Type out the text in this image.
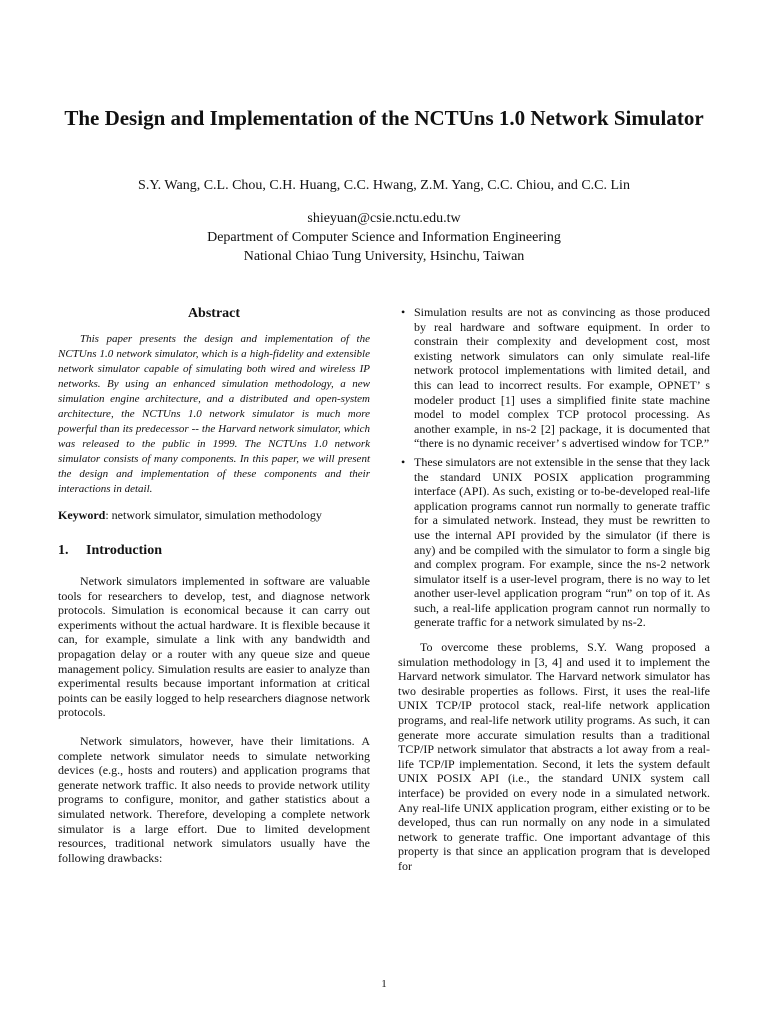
The Design and Implementation of the NCTUns 1.0 Network Simulator
S.Y. Wang, C.L. Chou, C.H. Huang, C.C. Hwang, Z.M. Yang, C.C. Chiou, and C.C. Lin
shieyuan@csie.nctu.edu.tw
Department of Computer Science and Information Engineering
National Chiao Tung University, Hsinchu, Taiwan
Abstract

This paper presents the design and implementation of the NCTUns 1.0 network simulator, which is a high-fidelity and extensible network simulator capable of simulating both wired and wireless IP networks. By using an enhanced simulation methodology, a new simulation engine architecture, and a distributed and open-system architecture, the NCTUns 1.0 network simulator is much more powerful than its predecessor -- the Harvard network simulator, which was released to the public in 1999. The NCTUns 1.0 network simulator consists of many components. In this paper, we will present the design and implementation of these components and their interactions in detail.

Keyword: network simulator, simulation methodology

1.	Introduction

Network simulators implemented in software are valuable tools for researchers to develop, test, and diagnose network protocols. Simulation is economical because it can carry out experiments without the actual hardware. It is flexible because it can, for example, simulate a link with any bandwidth and propagation delay or a router with any queue size and queue management policy. Simulation results are easier to analyze than experimental results because important information at critical points can be easily logged to help researchers diagnose network protocols.

Network simulators, however, have their limitations. A complete network simulator needs to simulate networking devices (e.g., hosts and routers) and application programs that generate network traffic. It also needs to provide network utility programs to configure, monitor, and gather statistics about a simulated network. Therefore, developing a complete network simulator is a large effort. Due to limited development resources, traditional network simulators usually have the following drawbacks:

• Simulation results are not as convincing as those produced by real hardware and software equipment. In order to constrain their complexity and development cost, most existing network simulators can only simulate real-life network protocol implementations with limited detail, and this can lead to incorrect results. For example, OPNET’ s modeler product [1] uses a simplified finite state machine model to model complex TCP protocol processing. As another example, in ns-2 [2] package, it is documented that “there is no dynamic receiver’ s advertised window for TCP.”
• These simulators are not extensible in the sense that they lack the standard UNIX POSIX application programming interface (API). As such, existing or to-be-developed real-life application programs cannot run normally to generate traffic for a simulated network. Instead, they must be rewritten to use the internal API provided by the simulator (if there is any) and be compiled with the simulator to form a single big and complex program. For example, since the ns-2 network simulator itself is a user-level program, there is no way to let another user-level application program “run” on top of it. As such, a real-life application program cannot run normally to generate traffic for a network simulated by ns-2.

To overcome these problems, S.Y. Wang proposed a simulation methodology in [3, 4] and used it to implement the Harvard network simulator. The Harvard network simulator has two desirable properties as follows. First, it uses the real-life UNIX TCP/IP protocol stack, real-life network application programs, and real-life network utility programs. As such, it can generate more accurate simulation results than a traditional TCP/IP network simulator that abstracts a lot away from a real-life TCP/IP implementation. Second, it lets the system default UNIX POSIX API (i.e., the standard UNIX system call interface) be provided on every node in a simulated network. Any real-life UNIX application program, either existing or to be developed, thus can run normally on any node in a simulated network to generate traffic. One important advantage of this property is that since an application program that is developed for

1
